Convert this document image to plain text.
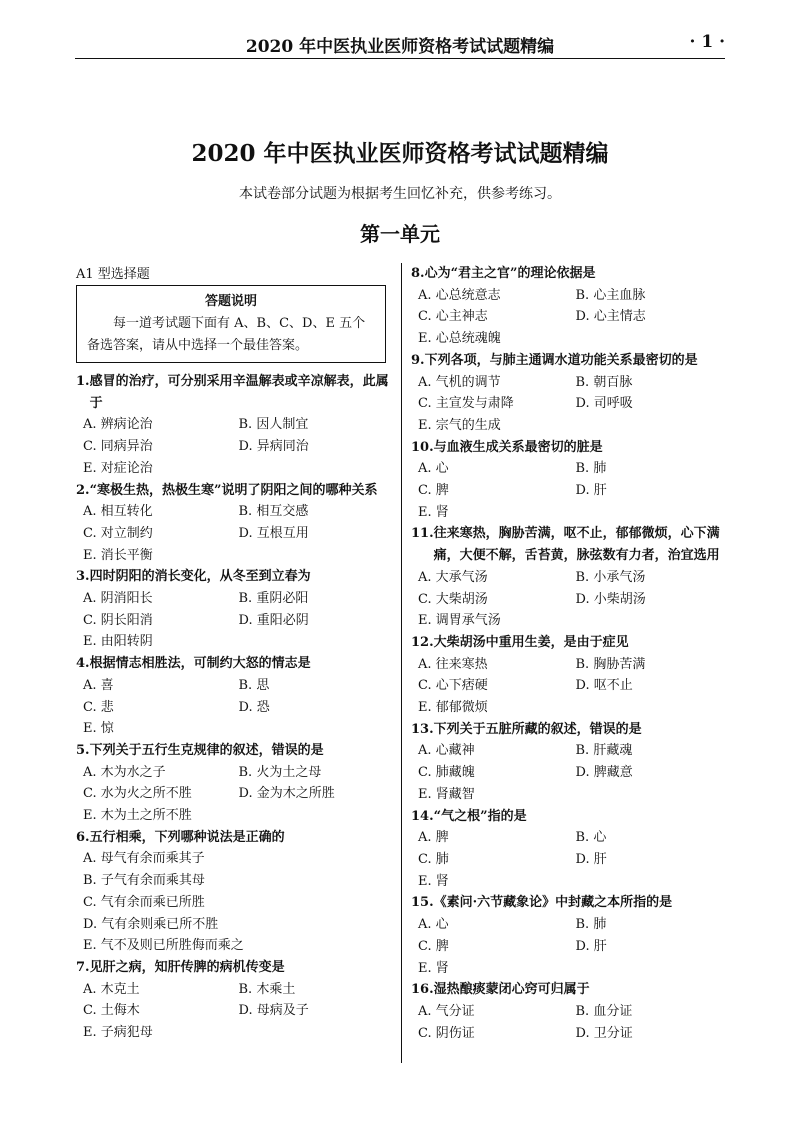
2020 年中医执业医师资格考试试题精编	· 1 ·
2020 年中医执业医师资格考试试题精编
本试卷部分试题为根据考生回忆补充，供参考练习。
第一单元
A1 型选择题
答题说明
每一道考试题下面有 A、B、C、D、E 五个备选答案，请从中选择一个最佳答案。
1. 感冒的治疗，可分别采用辛温解表或辛凉解表，此属于
A. 辨病论治	B. 因人制宜
C. 同病异治	D. 异病同治
E. 对症论治
2. “寒极生热，热极生寒”说明了阴阳之间的哪种关系
A. 相互转化	B. 相互交感
C. 对立制约	D. 互根互用
E. 消长平衡
3. 四时阴阳的消长变化，从冬至到立春为
A. 阴消阳长	B. 重阴必阳
C. 阴长阳消	D. 重阳必阴
E. 由阳转阴
4. 根据情志相胜法，可制约大怒的情志是
A. 喜	B. 思
C. 悲	D. 恐
E. 惊
5. 下列关于五行生克规律的叙述，错误的是
A. 木为水之子	B. 火为土之母
C. 水为火之所不胜	D. 金为木之所胜
E. 木为土之所不胜
6. 五行相乘，下列哪种说法是正确的
A. 母气有余而乘其子
B. 子气有余而乘其母
C. 气有余而乘已所胜
D. 气有余则乘已所不胜
E. 气不及则已所胜侮而乘之
7. 见肝之病，知肝传脾的病机传变是
A. 木克土	B. 木乘土
C. 土侮木	D. 母病及子
E. 子病犯母
8. 心为“君主之官”的理论依据是
A. 心总统意志	B. 心主血脉
C. 心主神志	D. 心主情志
E. 心总统魂魄
9. 下列各项，与肺主通调水道功能关系最密切的是
A. 气机的调节	B. 朝百脉
C. 主宣发与肃降	D. 司呼吸
E. 宗气的生成
10. 与血液生成关系最密切的脏是
A. 心	B. 肺
C. 脾	D. 肝
E. 肾
11. 往来寒热，胸胁苦满，呕不止，郁郁微烦，心下满痛，大便不解，舌苔黄，脉弦数有力者，治宜选用
A. 大承气汤	B. 小承气汤
C. 大柴胡汤	D. 小柴胡汤
E. 调胃承气汤
12. 大柴胡汤中重用生姜，是由于症见
A. 往来寒热	B. 胸胁苦满
C. 心下痞硬	D. 呕不止
E. 郁郁微烦
13. 下列关于五脏所藏的叙述，错误的是
A. 心藏神	B. 肝藏魂
C. 肺藏魄	D. 脾藏意
E. 肾藏智
14. “气之根”指的是
A. 脾	B. 心
C. 肺	D. 肝
E. 肾
15. 《素问·六节藏象论》中封藏之本所指的是
A. 心	B. 肺
C. 脾	D. 肝
E. 肾
16. 湿热酿痰蒙闭心窍可归属于
A. 气分证	B. 血分证
C. 阴伤证	D. 卫分证
